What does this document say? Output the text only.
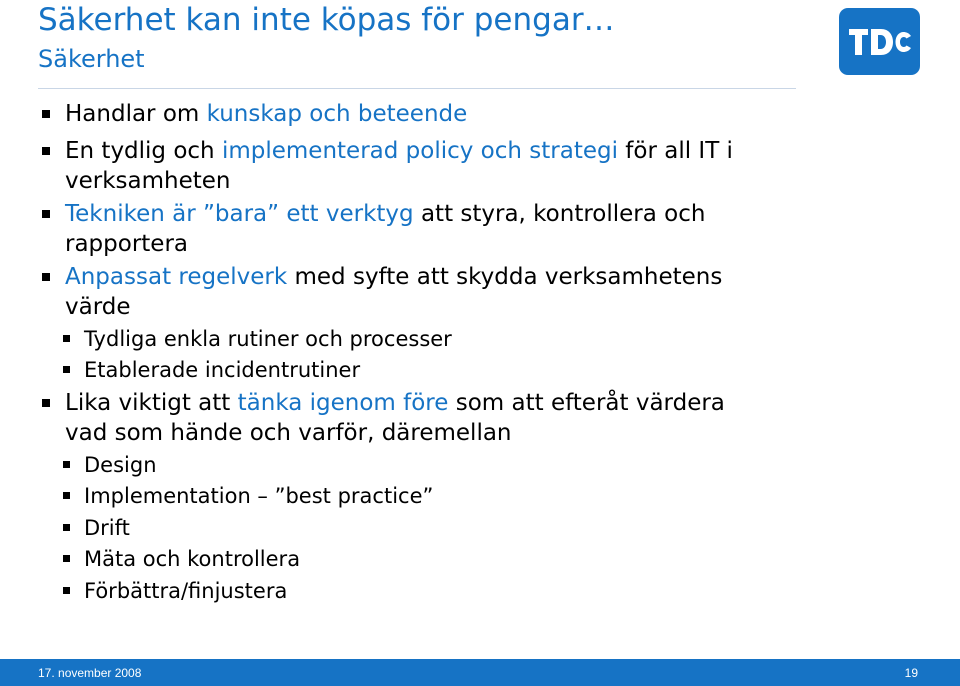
Säkerhet kan inte köpas för pengar…
Säkerhet
Handlar om kunskap och beteende
En tydlig och implementerad policy och strategi för all IT i
verksamheten
Tekniken är ”bara” ett verktyg att styra, kontrollera och
rapportera
Anpassat regelverk med syfte att skydda verksamhetens
värde
Tydliga enkla rutiner och processer
Etablerade incidentrutiner
Lika viktigt att tänka igenom före som att efteråt värdera
vad som hände och varför, däremellan
Design
Implementation – ”best practice”
Drift
Mäta och kontrollera
Förbättra/finjustera
17. november 2008	19
